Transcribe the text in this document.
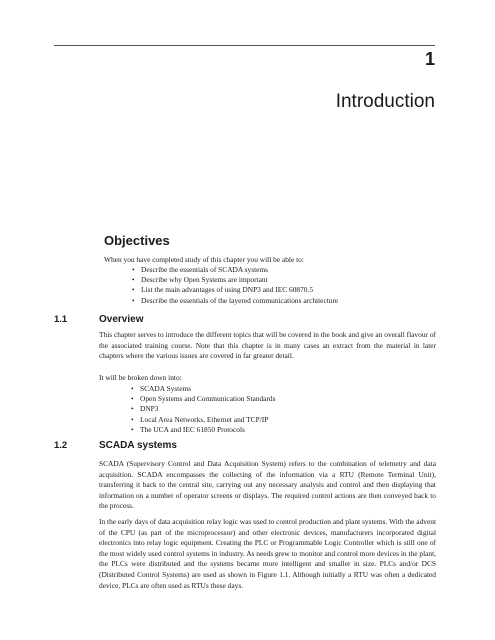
1
Introduction
Objectives

When you have completed study of this chapter you will be able to:

• Describe the essentials of SCADA systems
• Describe why Open Systems are important
• List the main advantages of using DNP3 and IEC 60870.5
• Describe the essentials of the layered communications architecture
1.1	Overview

This chapter serves to introduce the different topics that will be covered in the book and give an overall flavour of the associated training course. Note that this chapter is in many cases an extract from the material in later chapters where the various issues are covered in far greater detail.

It will be broken down into:

• SCADA Systems
• Open Systems and Communication Standards
• DNP3
• Local Area Networks, Ethernet and TCP/IP
• The UCA and IEC 61850 Protocols
1.2	SCADA systems

SCADA (Supervisory Control and Data Acquisition System) refers to the combination of telemetry and data acquisition. SCADA encompasses the collecting of the information via a RTU (Remote Terminal Unit), transferring it back to the central site, carrying out any necessary analysis and control and then displaying that information on a number of operator screens or displays. The required control actions are then conveyed back to the process.

In the early days of data acquisition relay logic was used to control production and plant systems. With the advent of the CPU (as part of the microprocessor) and other electronic devices, manufacturers incorporated digital electronics into relay logic equipment. Creating the PLC or Programmable Logic Controller which is still one of the most widely used control systems in industry. As needs grew to monitor and control more devices in the plant, the PLCs were distributed and the systems became more intelligent and smaller in size. PLCs and/or DCS (Distributed Control Systems) are used as shown in Figure 1.1. Although initially a RTU was often a dedicated device, PLCs are often used as RTUs these days.
